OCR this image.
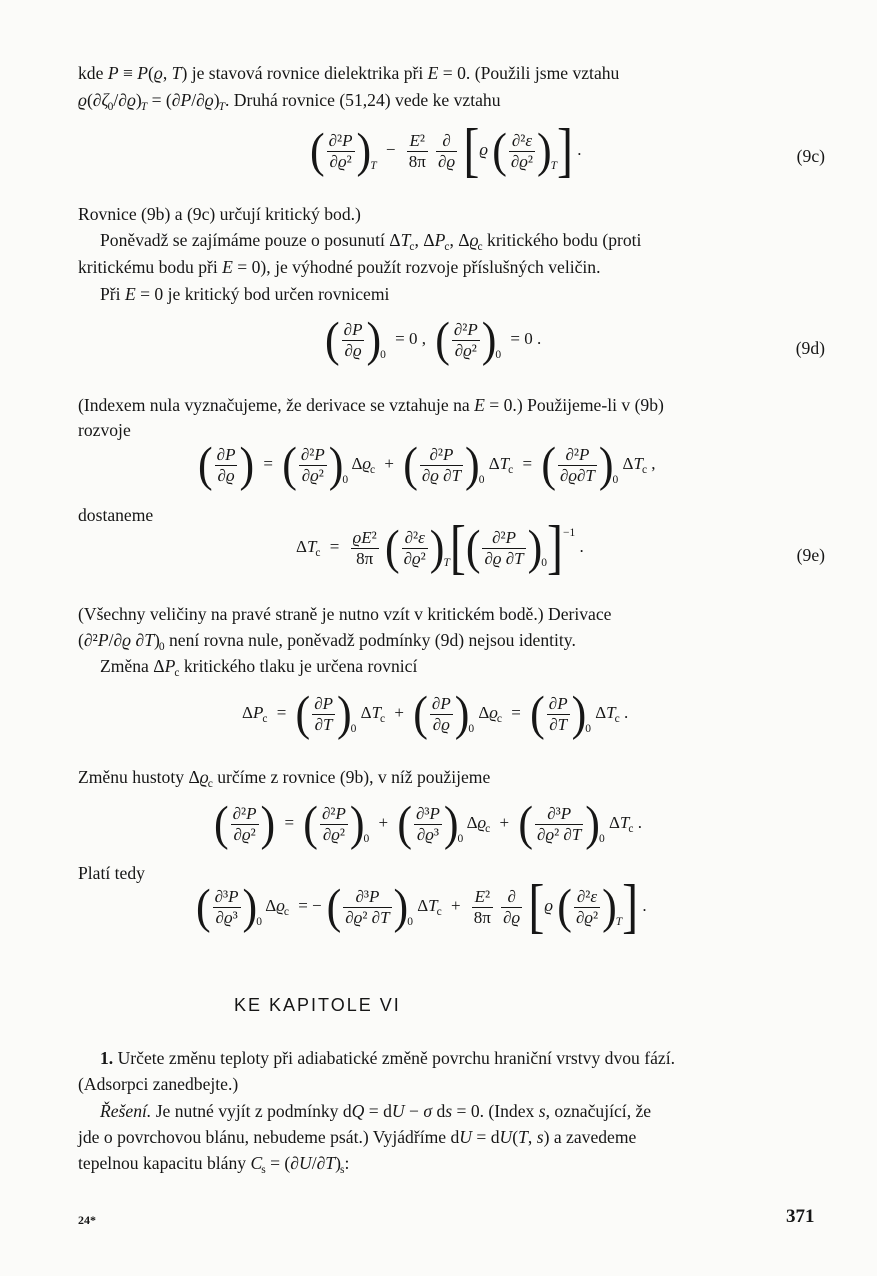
kde P ≡ P(ϱ, T) je stavová rovnice dielektrika při E = 0. (Použili jsme vztahu
$ϱ(\partial\zeta_0/\partial ϱ)_T = (\partial P/\partial ϱ)_T$. Druhá rovnice (51,24) vede ke vztahu
( $\frac{\text{∂²P}}{\text{∂ϱ²}} )_T - \frac{\text{E²}}{8\pi}$
$\frac{\partial}{\partial ϱ} [ϱ$ ( $\frac{\text{∂²ε}}{\text{∂ϱ²}} )_T$] .	(9c)
Rovnice (9b) a (9c) určují kritický bod.)
Poněvadž se zajímáme pouze o posunutí $\Delta T_c$, $\Delta P_c$, $\Delta ϱ_c$ kritického bodu (proti
kritickému bodu při E = 0), je výhodné použít rozvoje příslušných veličin.
Při E = 0 je kritický bod určen rovnicemi
( $\frac{\partial P}{\partial ϱ} )_0 = 0$ , ( $\frac{\text{∂²P}}{\text{∂ϱ²}} )_0 = 0$ .	(9d)
(Indexem nula vyznačujeme, že derivace se vztahuje na E = 0.) Použijeme-li v (9b)
rozvoje
( $\frac{\partial P}{\partial ϱ}$ ) = ( $\frac{\text{∂²P}}{\text{∂ϱ²}} )_0$ $\Delta ϱ_c$ + ( $\frac{\text{∂²P}}{\partial ϱ \partial T} )_0$ $\Delta T_c$ = ( $\frac{\text{∂²P}}{\partial ϱ\partial T} )_0$ $\Delta T_c$ ,
dostaneme
$\Delta T_c = \frac{\text{ϱE²}}{8\pi}$ ( $\frac{\text{∂²ε}}{\text{∂ϱ²}} )_T[( \frac{\text{∂²P}}{\partial ϱ \partial T} )_0]^{-1}$ .	(9e)
(Všechny veličiny na pravé straně je nutno vzít v kritickém bodě.) Derivace
(∂²P/∂ϱ $\partial T)_0$ není rovna nule, poněvadž podmínky (9d) nejsou identity.
Změna $\Delta P_c$ kritického tlaku je určena rovnicí
$\Delta P_c$ = ( $\frac{\partial P}{\partial T} )_0$ $\Delta T_c$ + ( $\frac{\partial P}{\partial ϱ} )_0$ $\Delta ϱ_c$ = ( $\frac{\partial P}{\partial T} )_0$ $\Delta T_c$ .
Změnu hustoty $\Delta ϱ_c$ určíme z rovnice (9b), v níž použijeme
( $\frac{\text{∂²P}}{\text{∂ϱ²}}$ ) = ( $\frac{\text{∂²P}}{\text{∂ϱ²}} )_0$ + ( $\frac{\text{∂³P}}{\text{∂ϱ³}} )_0$ $\Delta ϱ_c$ + ( $\frac{\text{∂³P}}{\text{∂ϱ² ∂T}} )_0$ $\Delta T_c$ .
Platí tedy
( $\frac{\text{∂³P}}{\text{∂ϱ³}} )_0$ $\Delta ϱ_c$ = − ( $\frac{\text{∂³P}}{\text{∂ϱ² ∂T}} )_0$ $\Delta T_c + \frac{\text{E²}}{8\pi}$
$\frac{\partial}{\partial ϱ} [ϱ$ ( $\frac{\text{∂²ε}}{\text{∂ϱ²}} )_T$] .
KE KAPITOLE VI
1. Určete změnu teploty při adiabatické změně povrchu hraniční vrstvy dvou fází.
(Adsorpci zanedbejte.)
Řešení. Je nutné vyjít z podmínky dQ = dU − σ ds = 0. (Index s, označující, že
jde o povrchovou blánu, nebudeme psát.) Vyjádříme dU = dU(T, s) a zavedeme
tepelnou kapacitu blány $C_s = (\partial U/\partial T)_s$:
24*	371
